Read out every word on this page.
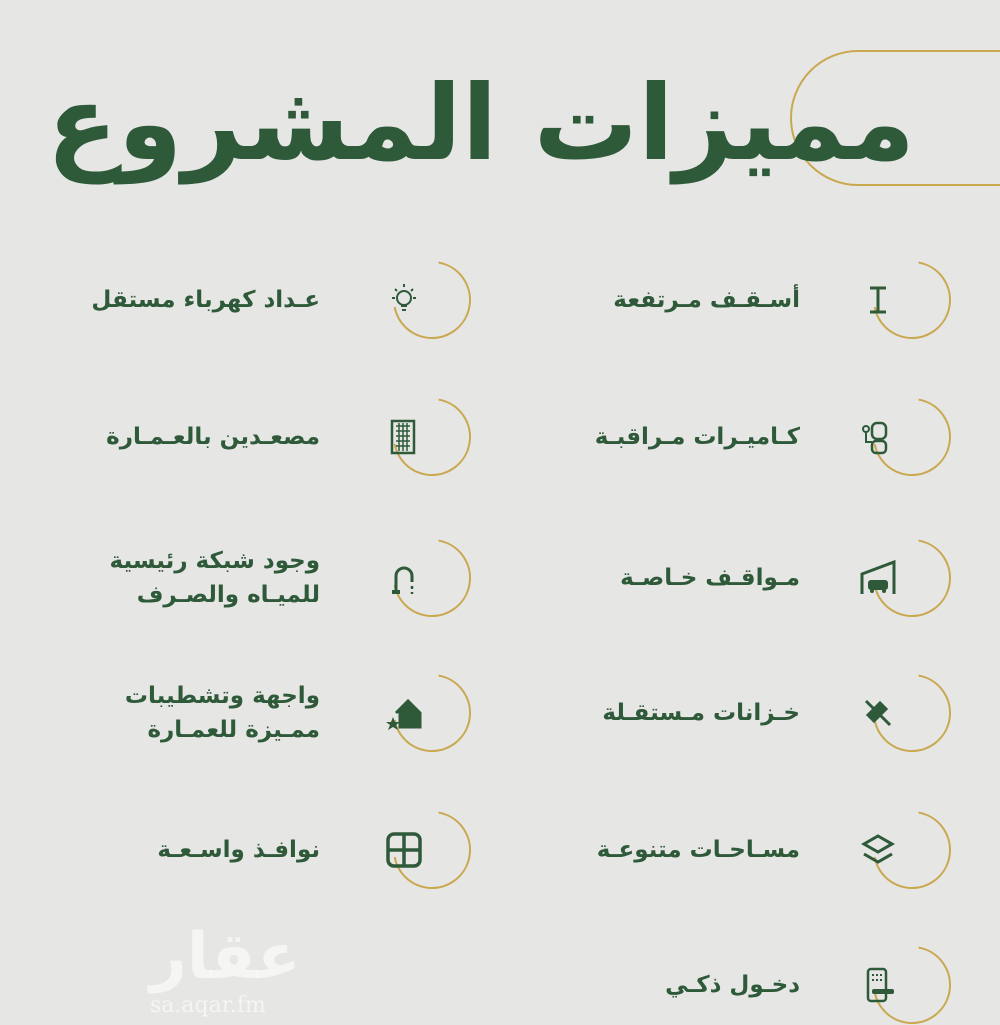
مميزات المشروع
عقار
sa.aqar.fm
أسـقـف مـرتفعة
كـاميـرات مـراقبـة
مـواقـف خـاصـة
خـزانات مـستقـلة
مسـاحـات متنوعـة
دخـول ذكـي
عـداد كهرباء مستقل
مصعـدين بالعـمـارة
وجود شبكة رئيسية
للميـاه والصـرف
واجهة وتشطيبات
ممـيزة للعمـارة
نوافـذ واسـعـة
